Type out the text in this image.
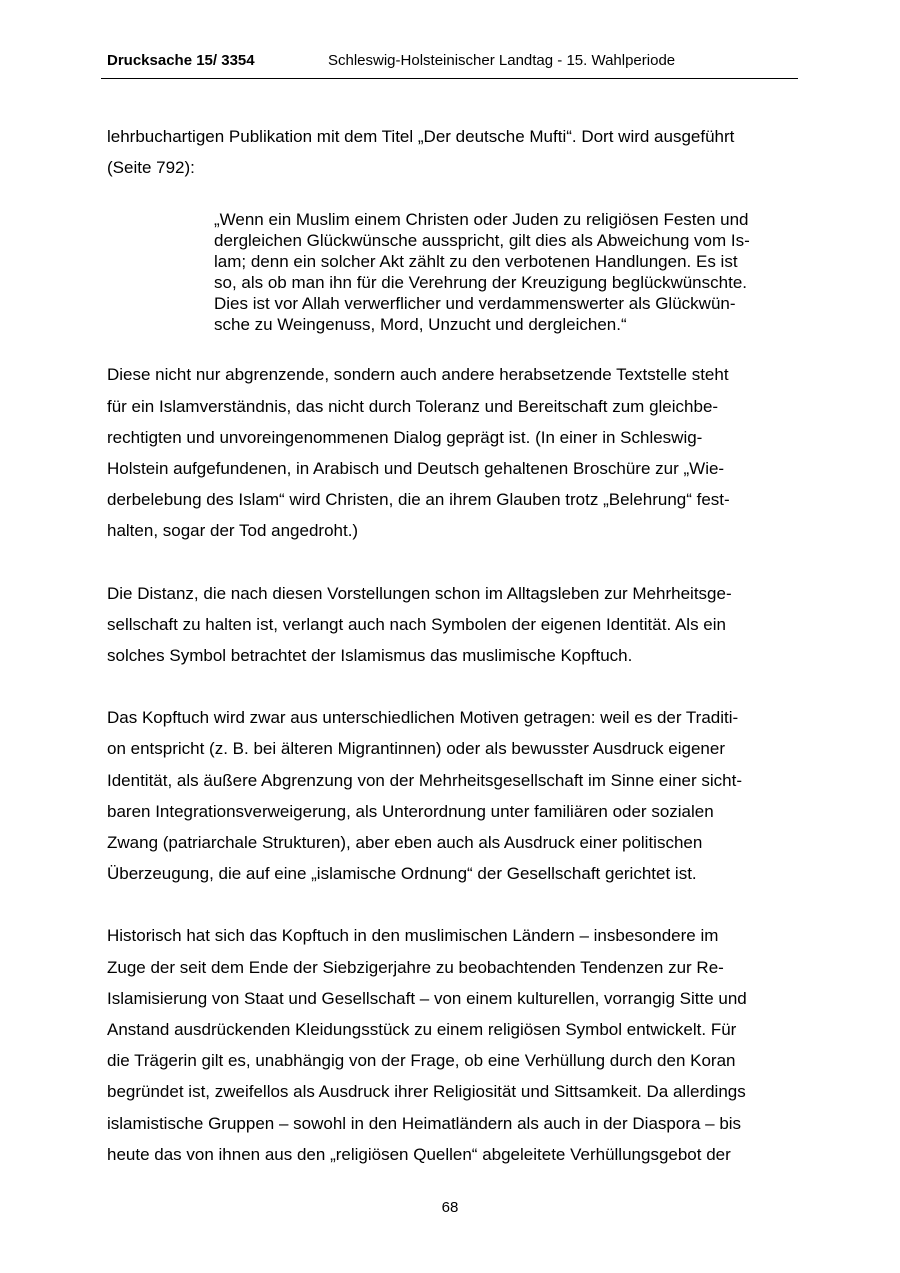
Drucksache 15/ 3354	Schleswig-Holsteinischer Landtag - 15. Wahlperiode
lehrbuchartigen Publikation mit dem Titel „Der deutsche Mufti“. Dort wird ausgeführt
(Seite 792):
„Wenn ein Muslim einem Christen oder Juden zu religiösen Festen und
dergleichen Glückwünsche ausspricht, gilt dies als Abweichung vom Is-
lam; denn ein solcher Akt zählt zu den verbotenen Handlungen. Es ist
so, als ob man ihn für die Verehrung der Kreuzigung beglückwünschte.
Dies ist vor Allah verwerflicher und verdammenswerter als Glückwün-
sche zu Weingenuss, Mord, Unzucht und dergleichen.“
Diese nicht nur abgrenzende, sondern auch andere herabsetzende Textstelle steht
für ein Islamverständnis, das nicht durch Toleranz und Bereitschaft zum gleichbe-
rechtigten und unvoreingenommenen Dialog geprägt ist. (In einer in Schleswig-
Holstein aufgefundenen, in Arabisch und Deutsch gehaltenen Broschüre zur „Wie-
derbelebung des Islam“ wird Christen, die an ihrem Glauben trotz „Belehrung“ fest-
halten, sogar der Tod angedroht.)
Die Distanz, die nach diesen Vorstellungen schon im Alltagsleben zur Mehrheitsge-
sellschaft zu halten ist, verlangt auch nach Symbolen der eigenen Identität. Als ein
solches Symbol betrachtet der Islamismus das muslimische Kopftuch.
Das Kopftuch wird zwar aus unterschiedlichen Motiven getragen: weil es der Traditi-
on entspricht (z. B. bei älteren Migrantinnen) oder als bewusster Ausdruck eigener
Identität, als äußere Abgrenzung von der Mehrheitsgesellschaft im Sinne einer sicht-
baren Integrationsverweigerung, als Unterordnung unter familiären oder sozialen
Zwang (patriarchale Strukturen), aber eben auch als Ausdruck einer politischen
Überzeugung, die auf eine „islamische Ordnung“ der Gesellschaft gerichtet ist.
Historisch hat sich das Kopftuch in den muslimischen Ländern – insbesondere im
Zuge der seit dem Ende der Siebzigerjahre zu beobachtenden Tendenzen zur Re-
Islamisierung von Staat und Gesellschaft – von einem kulturellen, vorrangig Sitte und
Anstand ausdrückenden Kleidungsstück zu einem religiösen Symbol entwickelt. Für
die Trägerin gilt es, unabhängig von der Frage, ob eine Verhüllung durch den Koran
begründet ist, zweifellos als Ausdruck ihrer Religiosität und Sittsamkeit. Da allerdings
islamistische Gruppen – sowohl in den Heimatländern als auch in der Diaspora – bis
heute das von ihnen aus den „religiösen Quellen“ abgeleitete Verhüllungsgebot der
68
